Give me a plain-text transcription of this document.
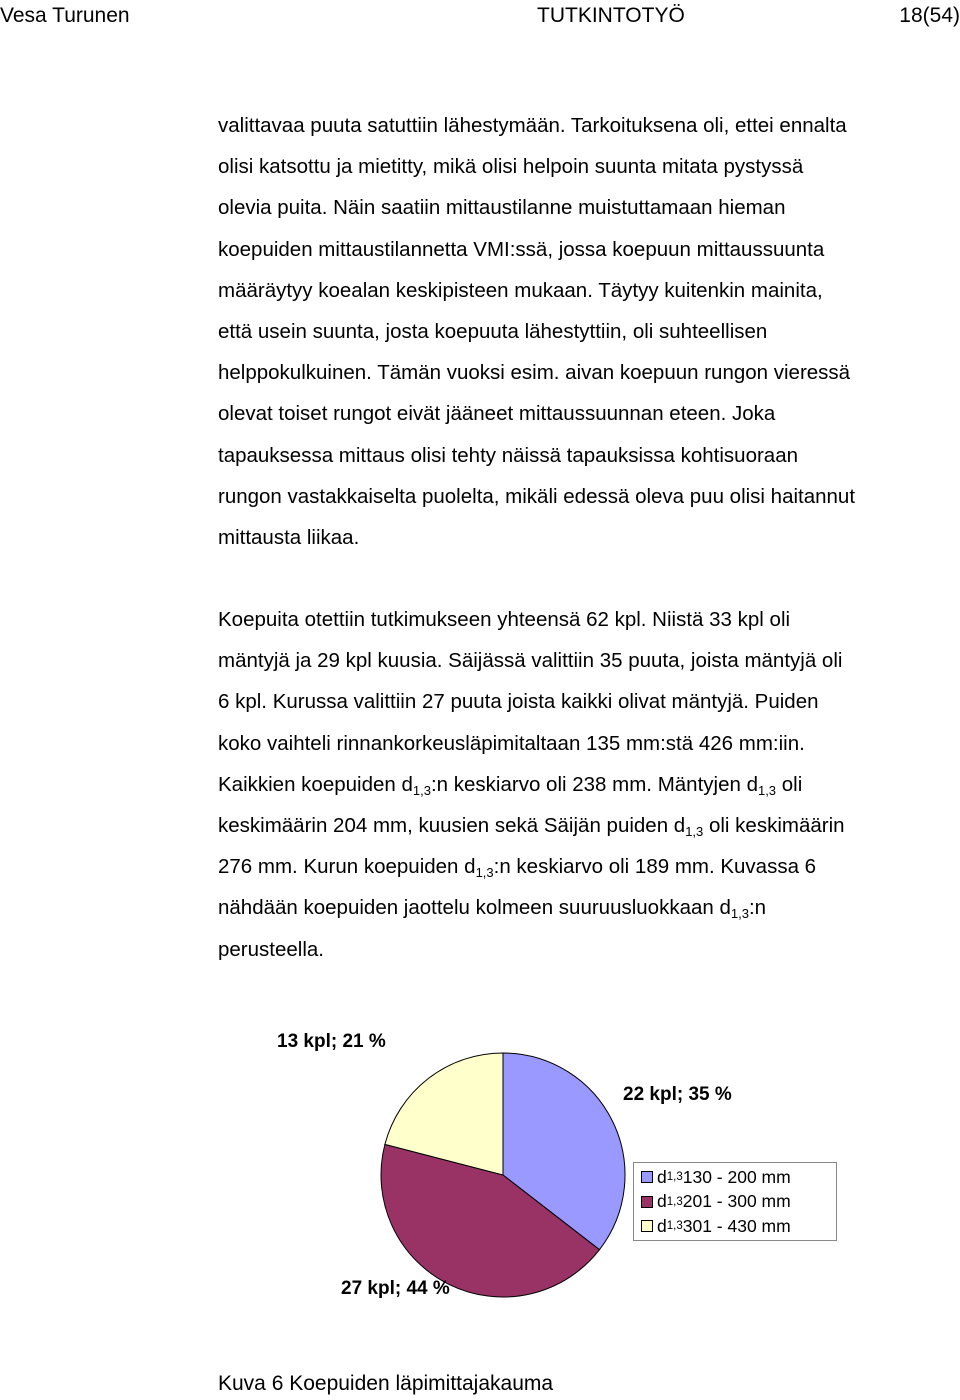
Vesa Turunen	TUTKINTOTYÖ	18(54)
valittavaa puuta satuttiin lähestymään. Tarkoituksena oli, ettei ennalta
olisi katsottu ja mietitty, mikä olisi helpoin suunta mitata pystyssä
olevia puita. Näin saatiin mittaustilanne muistuttamaan hieman
koepuiden mittaustilannetta VMI:ssä, jossa koepuun mittaussuunta
määräytyy koealan keskipisteen mukaan. Täytyy kuitenkin mainita,
että usein suunta, josta koepuuta lähestyttiin, oli suhteellisen
helppokulkuinen. Tämän vuoksi esim. aivan koepuun rungon vieressä
olevat toiset rungot eivät jääneet mittaussuunnan eteen. Joka
tapauksessa mittaus olisi tehty näissä tapauksissa kohtisuoraan
rungon vastakkaiselta puolelta, mikäli edessä oleva puu olisi haitannut
mittausta liikaa.
Koepuita otettiin tutkimukseen yhteensä 62 kpl. Niistä 33 kpl oli
mäntyjä ja 29 kpl kuusia. Säijässä valittiin 35 puuta, joista mäntyjä oli
6 kpl. Kurussa valittiin 27 puuta joista kaikki olivat mäntyjä. Puiden
koko vaihteli rinnankorkeusläpimitaltaan 135 mm:stä 426 mm:iin.
Kaikkien koepuiden $d_{1,3}:n$ keskiarvo oli 238 mm. Mäntyjen $d_{1,3}$ oli
keskimäärin 204 mm, kuusien sekä Säijän puiden $d_{1,3}$ oli keskimäärin
276 mm. Kurun koepuiden $d_{1,3}:n$ keskiarvo oli 189 mm. Kuvassa 6
nähdään koepuiden jaottelu kolmeen suuruusluokkaan $d_{1,3}:n$
perusteella.
22 kpl; 35 %
27 kpl; 44 %
13 kpl; 21 %
d 1,3 130 - 200 mm
d 1,3 201 - 300 mm
d 1,3 301 - 430 mm
Kuva 6 Koepuiden läpimittajakauma
